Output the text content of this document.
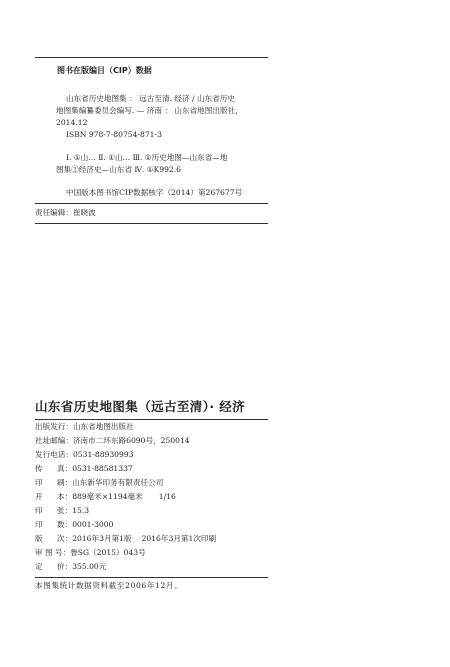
图书在版编目（CIP）数据
山东省历史地图集 ： 远古至清. 经济 / 山东省历史
地图集编纂委员会编写. — 济南 ： 山东省地图出版社，
2014.12
ISBN 978-7-80754-871-3
Ⅰ. ①山… Ⅱ. ①山… Ⅲ. ①历史地图—山东省—地
图集②经济史—山东省 Ⅳ. ①K992.6
中国版本图书馆CIP数据核字（2014）第267677号
责任编辑：崔晓波
山东省历史地图集（远古至清）· 经济
出版发行：山东省地图出版社
社址邮编：济南市二环东路6090号，250014
发行电话：0531-88930993
传 真：0531-88581337
印 刷：山东新华印务有限责任公司
开 本：889毫米×1194毫米 1/16
印 张：15.3
印 数：0001-3000
版 次：2016年3月第1版 2016年3月第1次印刷
审 图 号：鲁SG（2015）043号
定 价：355.00元
本图集统计数据资料截至2006年12月。
